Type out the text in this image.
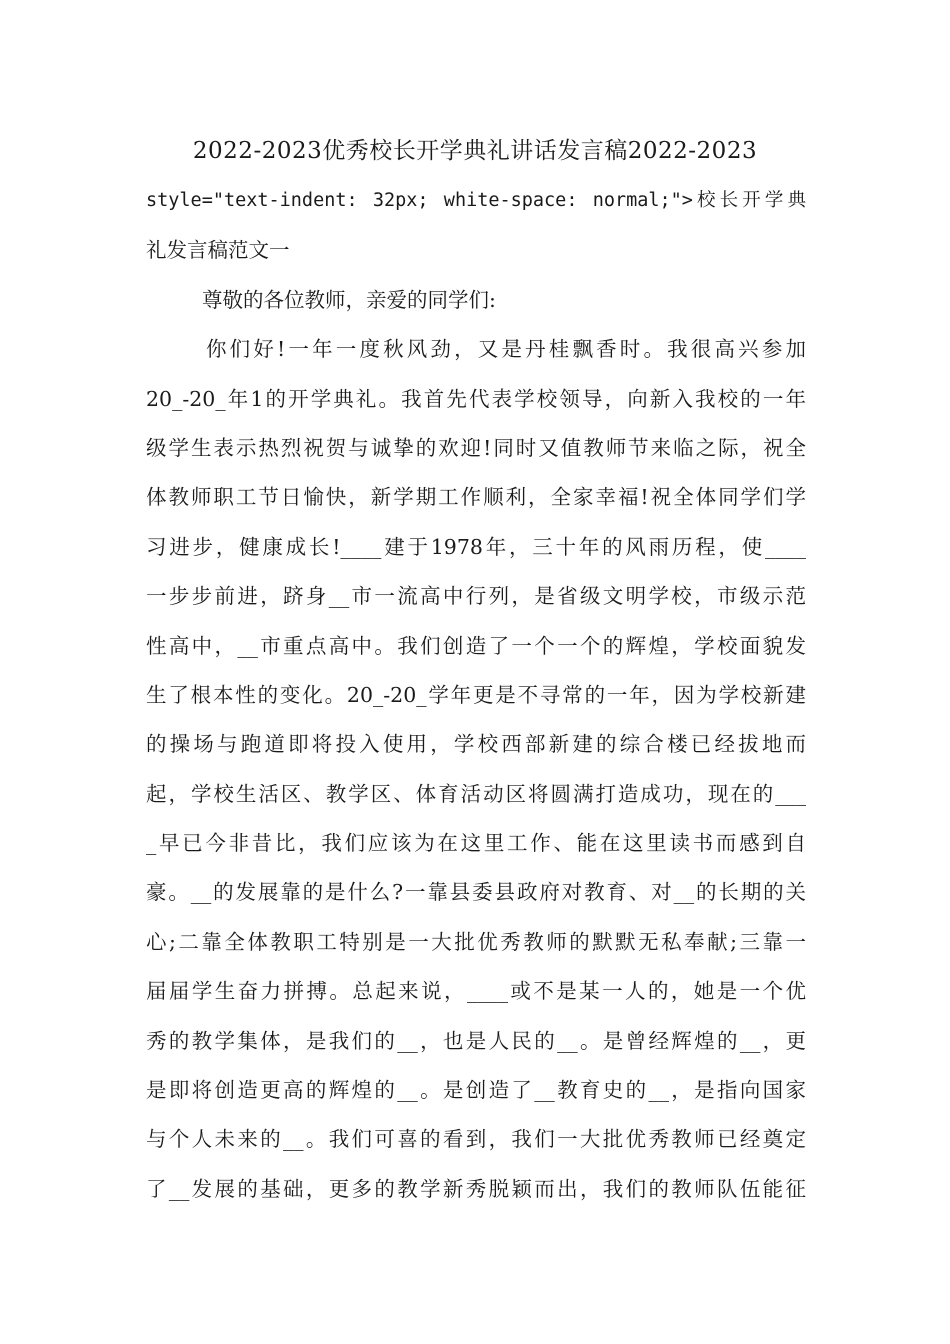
2022-2023优秀校长开学典礼讲话发言稿2022-2023
style="text-indent: 32px; white-space: normal;">校长开学典
礼发言稿范文一
尊敬的各位教师，亲爱的同学们:
你们好!一年一度秋风劲，又是丹桂飘香时。我很高兴参加
20_-20_年1的开学典礼。我首先代表学校领导，向新入我校的一年
级学生表示热烈祝贺与诚挚的欢迎!同时又值教师节来临之际，祝全
体教师职工节日愉快，新学期工作顺利，全家幸福!祝全体同学们学
习进步，健康成长!____建于1978年，三十年的风雨历程，使____
一步步前进，跻身__市一流高中行列，是省级文明学校，市级示范
性高中，__市重点高中。我们创造了一个一个的辉煌，学校面貌发
生了根本性的变化。20_-20_学年更是不寻常的一年，因为学校新建
的操场与跑道即将投入使用，学校西部新建的综合楼已经拔地而
起，学校生活区、教学区、体育活动区将圆满打造成功，现在的___
_早已今非昔比，我们应该为在这里工作、能在这里读书而感到自
豪。__的发展靠的是什么?一靠县委县政府对教育、对__的长期的关
心;二靠全体教职工特别是一大批优秀教师的默默无私奉献;三靠一
届届学生奋力拼搏。总起来说，____或不是某一人的，她是一个优
秀的教学集体，是我们的__，也是人民的__。是曾经辉煌的__，更
是即将创造更高的辉煌的__。是创造了__教育史的__，是指向国家
与个人未来的__。我们可喜的看到，我们一大批优秀教师已经奠定
了__发展的基础，更多的教学新秀脱颖而出，我们的教师队伍能征
